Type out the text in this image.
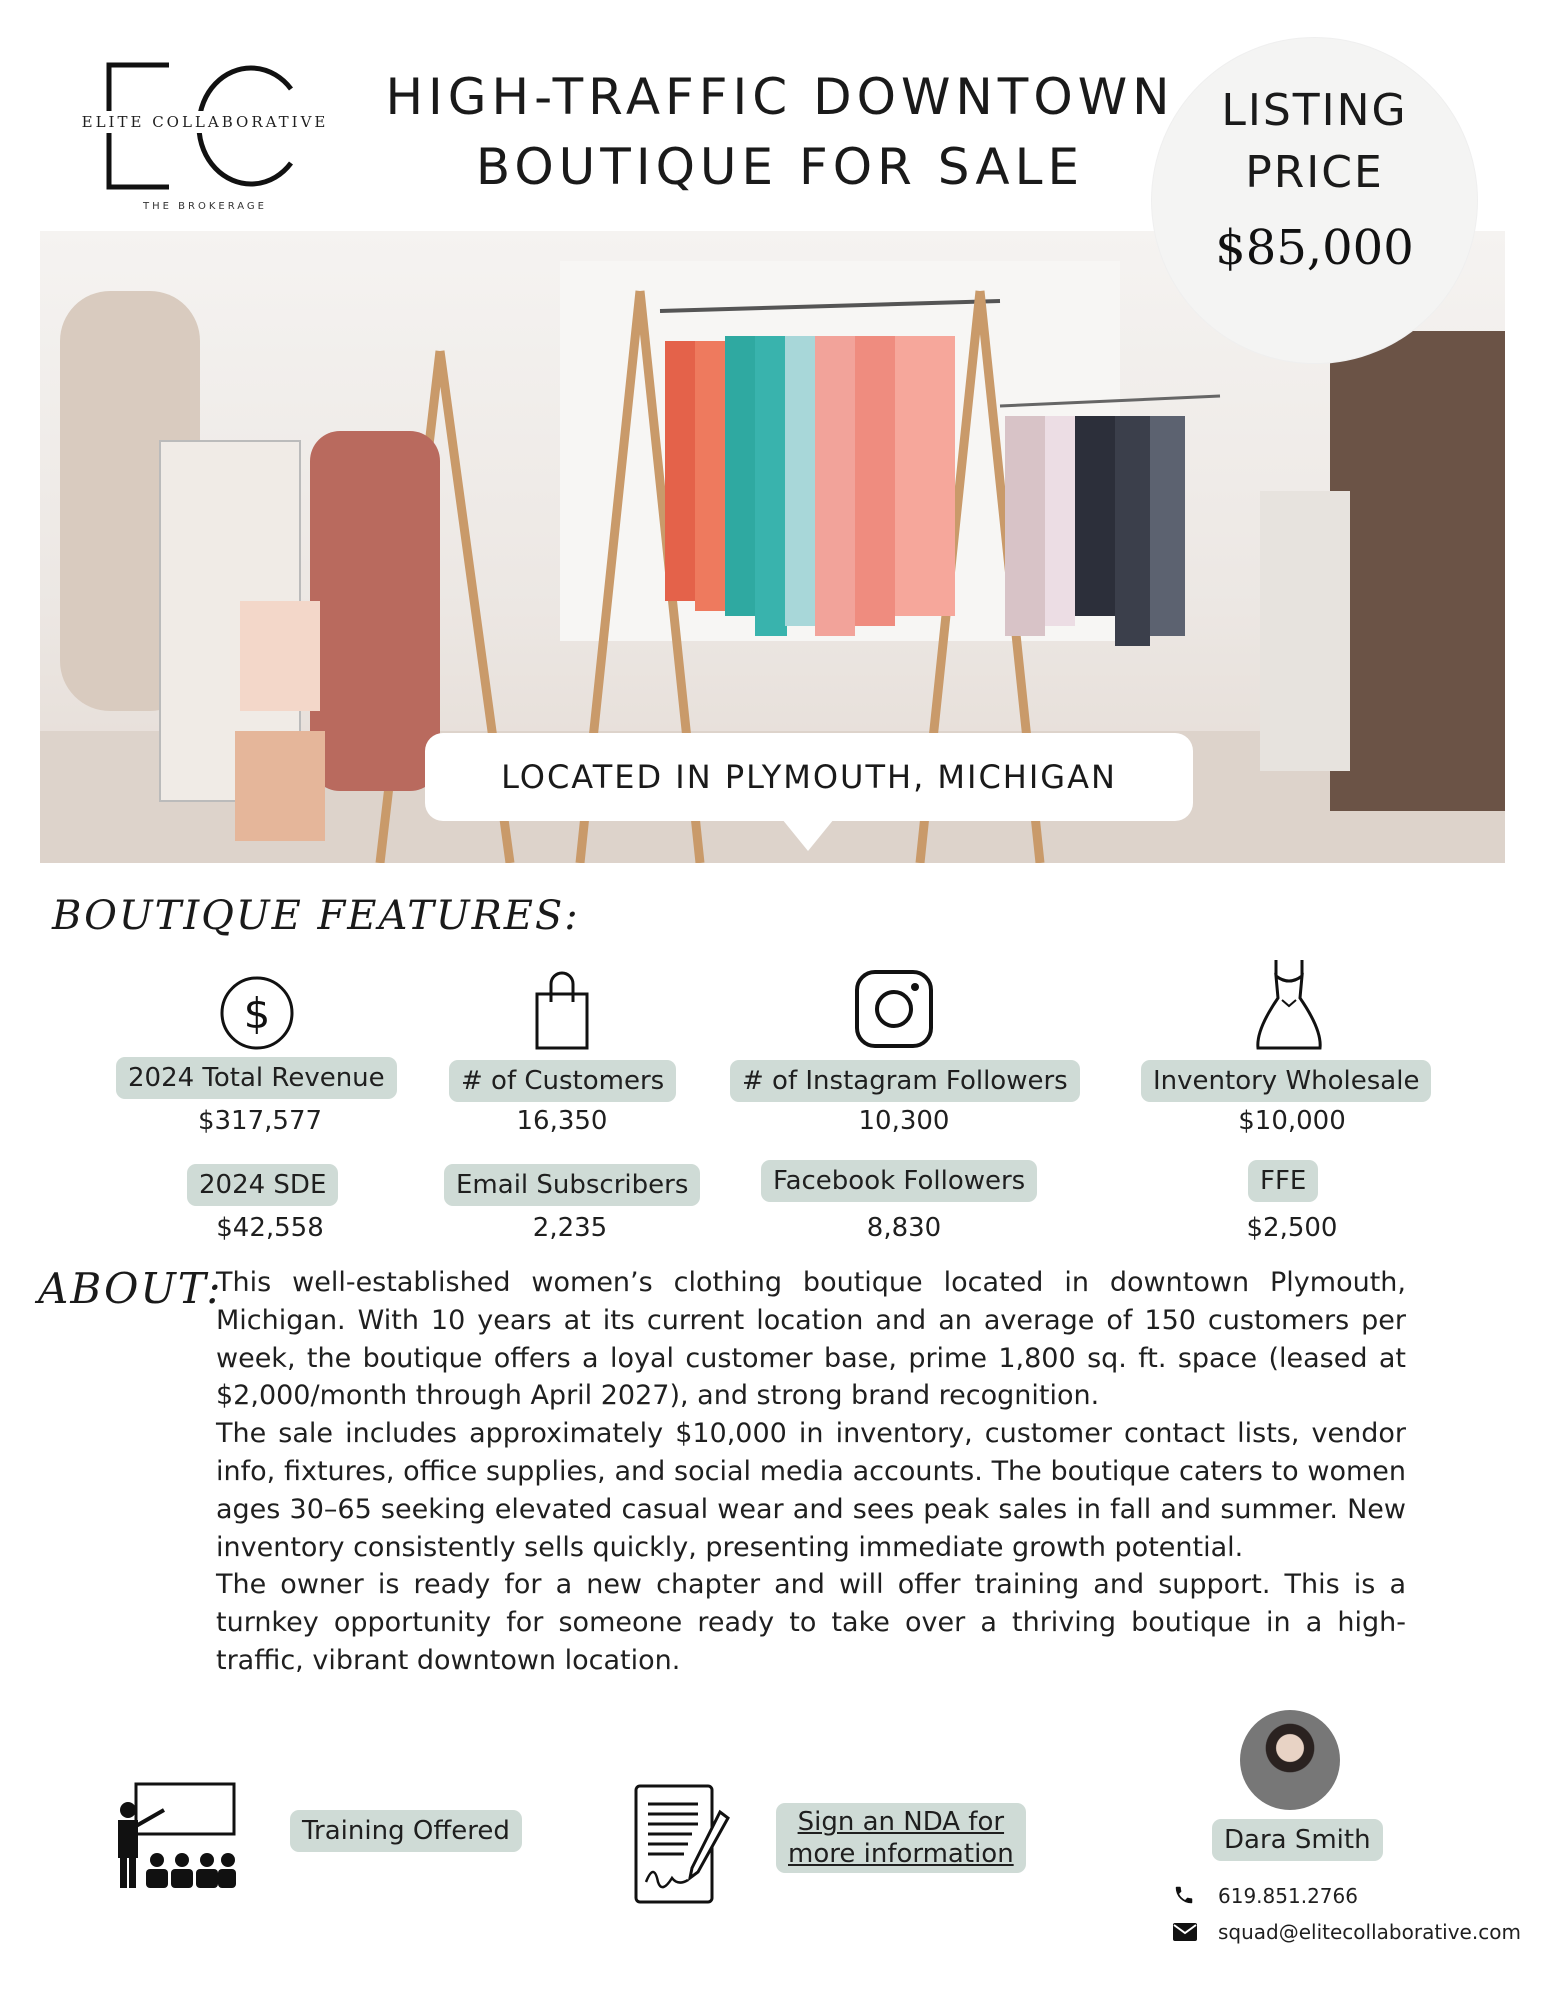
ELITE COLLABORATIVE
THE BROKERAGE
HIGH-TRAFFIC DOWNTOWN
BOUTIQUE FOR SALE
LISTING
PRICE
$85,000
LOCATED IN PLYMOUTH, MICHIGAN
BOUTIQUE FEATURES:
$
2024 Total Revenue
$317,577
# of Customers
16,350
# of Instagram Followers
10,300
Inventory Wholesale
$10,000
2024 SDE
$42,558
Email Subscribers
2,235
Facebook Followers
8,830
FFE
$2,500
ABOUT:

This well-established women’s clothing boutique located in downtown Plymouth, Michigan. With 10 years at its current location and an average of 150 customers per week, the boutique offers a loyal customer base, prime 1,800 sq. ft. space (leased at $2,000/month through April 2027), and strong brand recognition.

The sale includes approximately $10,000 in inventory, customer contact lists, vendor info, fixtures, office supplies, and social media accounts. The boutique caters to women ages 30–65 seeking elevated casual wear and sees peak sales in fall and summer. New inventory consistently sells quickly, presenting immediate growth potential.

The owner is ready for a new chapter and will offer training and support. This is a turnkey opportunity for someone ready to take over a thriving boutique in a high-traffic, vibrant downtown location.

Training Offered	Sign an NDA for
more information	Dara Smith
619.851.2766
squad@elitecollaborative.com
